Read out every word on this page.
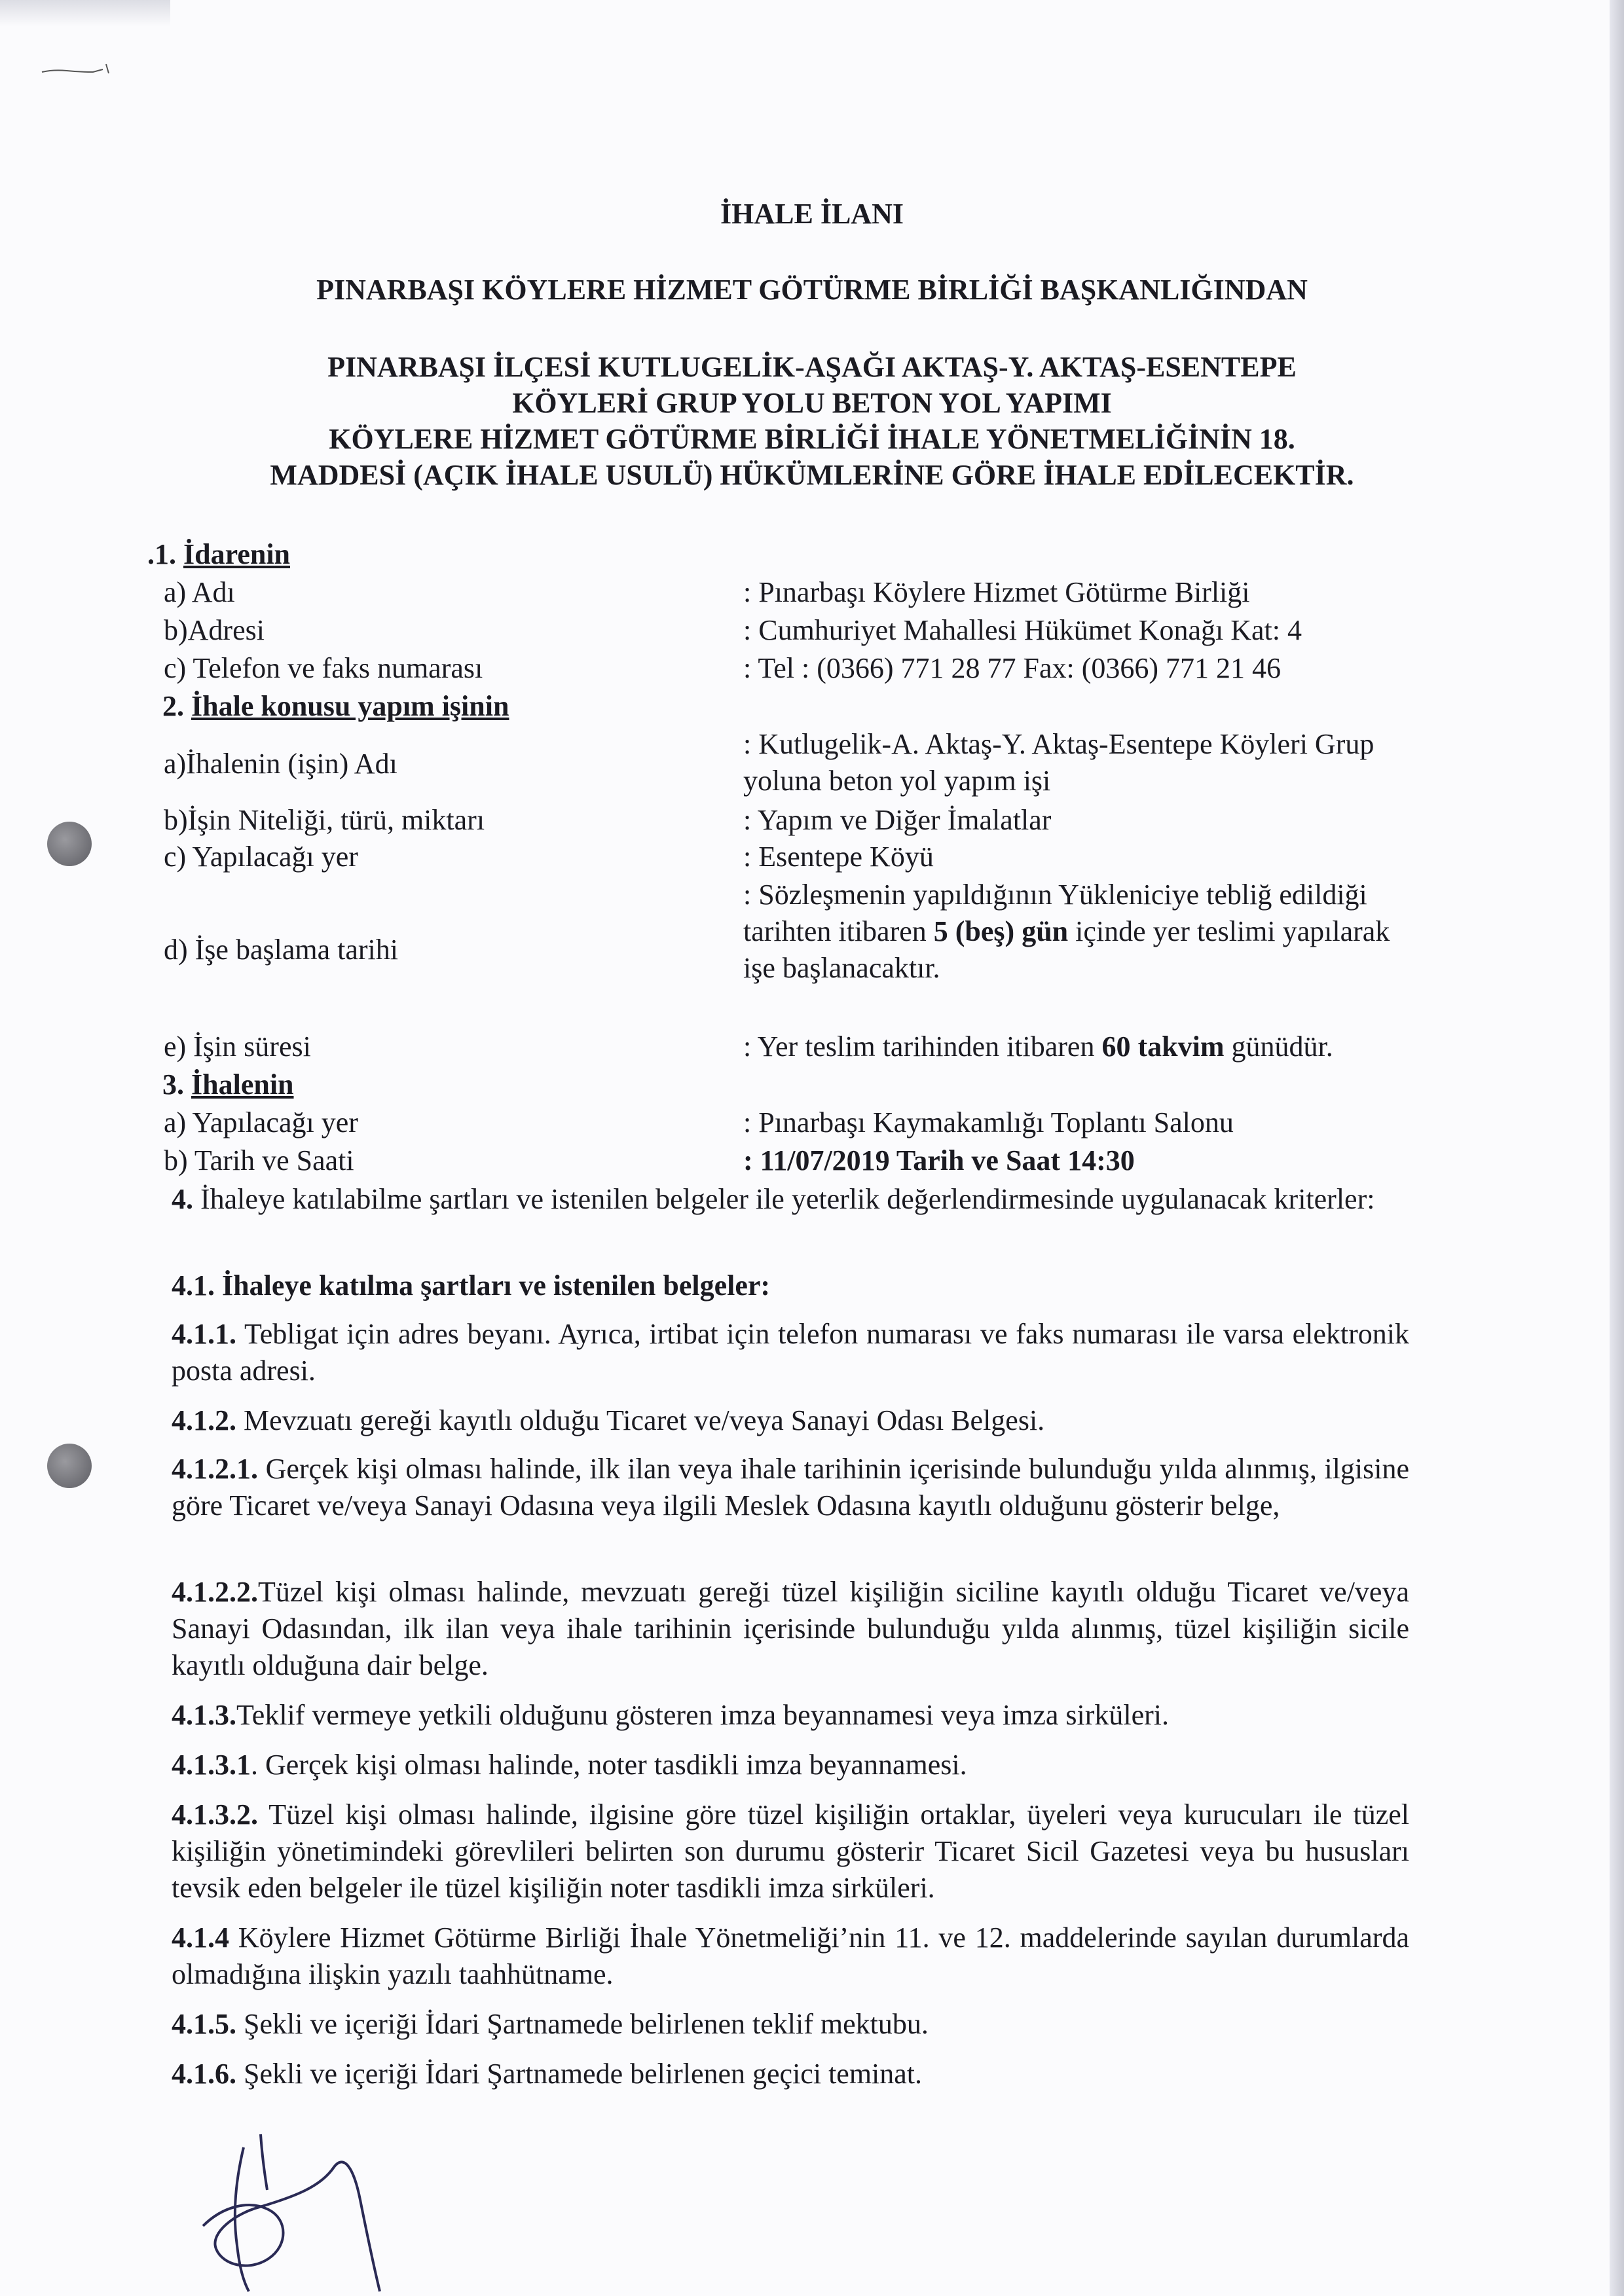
İHALE İLANI
PINARBAŞI KÖYLERE HİZMET GÖTÜRME BİRLİĞİ BAŞKANLIĞINDAN
PINARBAŞI İLÇESİ KUTLUGELİK-AŞAĞI AKTAŞ-Y. AKTAŞ-ESENTEPE
KÖYLERİ GRUP YOLU BETON YOL YAPIMI
KÖYLERE HİZMET GÖTÜRME BİRLİĞİ İHALE YÖNETMELİĞİNİN 18.
MADDESİ (AÇIK İHALE USULÜ) HÜKÜMLERİNE GÖRE İHALE EDİLECEKTİR.
.1. İdarenin
a) Adı	: Pınarbaşı Köylere Hizmet Götürme Birliği
b)Adresi	: Cumhuriyet Mahallesi Hükümet Konağı Kat: 4
c) Telefon ve faks numarası	: Tel : (0366) 771 28 77 Fax: (0366) 771 21 46
2. İhale konusu yapım işinin
a)İhalenin (işin) Adı
: Kutlugelik-A. Aktaş-Y. Aktaş-Esentepe Köyleri Grup
yoluna beton yol yapım işi
b)İşin Niteliği, türü, miktarı	: Yapım ve Diğer İmalatlar
c) Yapılacağı yer	: Esentepe Köyü
d) İşe başlama tarihi
: Sözleşmenin yapıldığının Yükleniciye tebliğ edildiği
tarihten itibaren 5 (beş) gün içinde yer teslimi yapılarak
işe başlanacaktır.
e) İşin süresi	: Yer teslim tarihinden itibaren 60 takvim günüdür.
3. İhalenin
a) Yapılacağı yer	: Pınarbaşı Kaymakamlığı Toplantı Salonu
b) Tarih ve Saati	: 11/07/2019 Tarih ve Saat 14:30

4. İhaleye katılabilme şartları ve istenilen belgeler ile yeterlik değerlendirmesinde uygulanacak kriterler:

4.1. İhaleye katılma şartları ve istenilen belgeler:

4.1.1. Tebligat için adres beyanı. Ayrıca, irtibat için telefon numarası ve faks numarası ile varsa elektronik posta adresi.

4.1.2. Mevzuatı gereği kayıtlı olduğu Ticaret ve/veya Sanayi Odası Belgesi.

4.1.2.1. Gerçek kişi olması halinde, ilk ilan veya ihale tarihinin içerisinde bulunduğu yılda alınmış, ilgisine göre Ticaret ve/veya Sanayi Odasına veya ilgili Meslek Odasına kayıtlı olduğunu gösterir belge,

4.1.2.2.Tüzel kişi olması halinde, mevzuatı gereği tüzel kişiliğin siciline kayıtlı olduğu Ticaret ve/veya Sanayi Odasından, ilk ilan veya ihale tarihinin içerisinde bulunduğu yılda alınmış, tüzel kişiliğin sicile kayıtlı olduğuna dair belge.

4.1.3.Teklif vermeye yetkili olduğunu gösteren imza beyannamesi veya imza sirküleri.

4.1.3.1. Gerçek kişi olması halinde, noter tasdikli imza beyannamesi.

4.1.3.2. Tüzel kişi olması halinde, ilgisine göre tüzel kişiliğin ortaklar, üyeleri veya kurucuları ile tüzel kişiliğin yönetimindeki görevlileri belirten son durumu gösterir Ticaret Sicil Gazetesi veya bu hususları tevsik eden belgeler ile tüzel kişiliğin noter tasdikli imza sirküleri.

4.1.4 Köylere Hizmet Götürme Birliği İhale Yönetmeliği’nin 11. ve 12. maddelerinde sayılan durumlarda olmadığına ilişkin yazılı taahhütname.

4.1.5. Şekli ve içeriği İdari Şartnamede belirlenen teklif mektubu.

4.1.6. Şekli ve içeriği İdari Şartnamede belirlenen geçici teminat.
